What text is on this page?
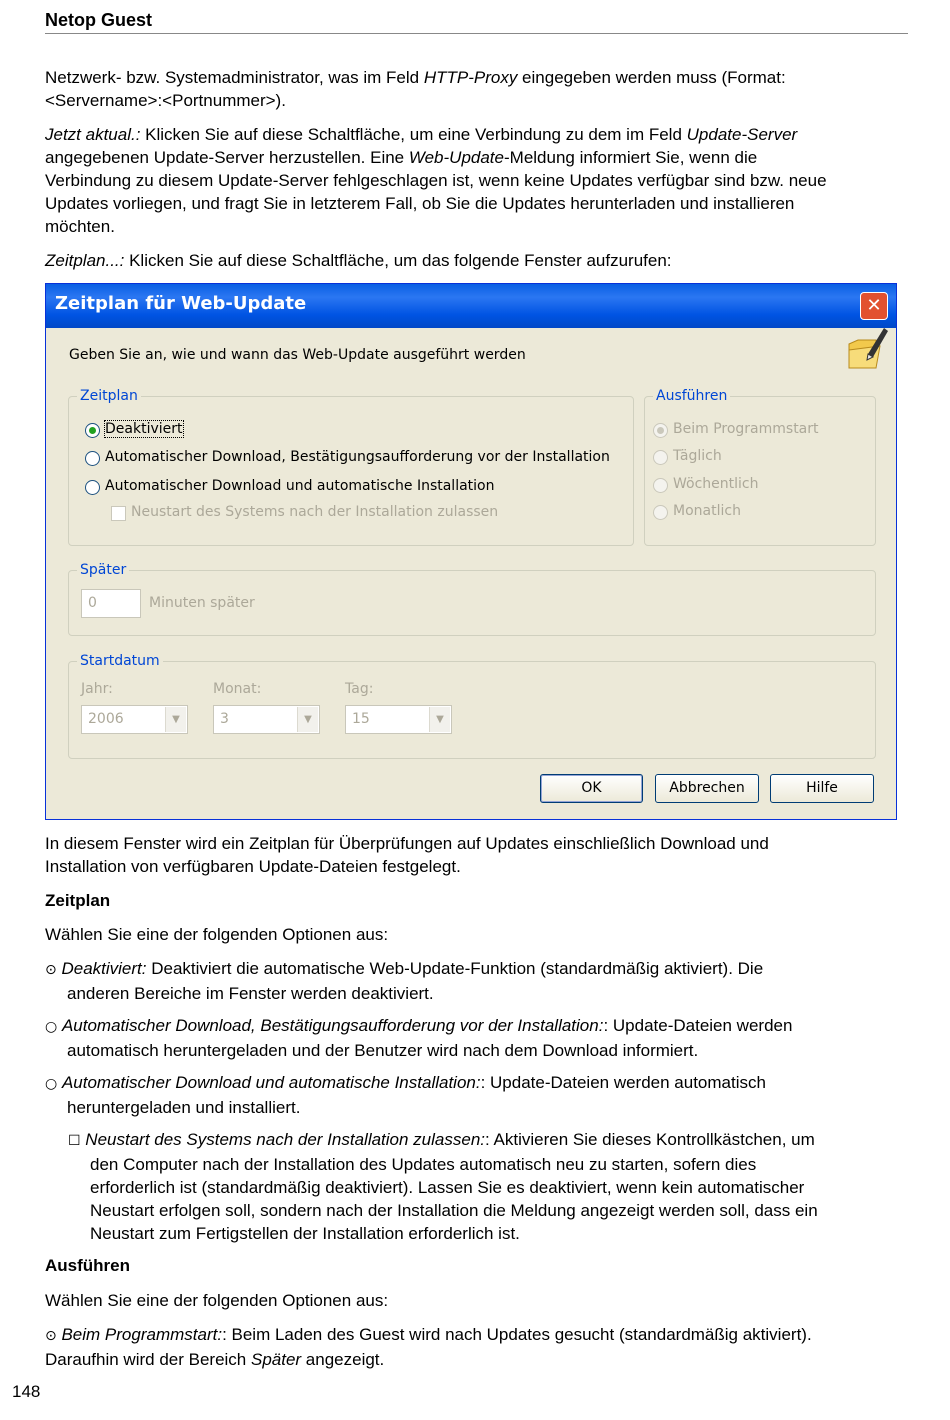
Netop Guest
Netzwerk- bzw. Systemadministrator, was im Feld HTTP-Proxy eingegeben werden muss (Format:
<Servername>:<Portnummer>).
Jetzt aktual.: Klicken Sie auf diese Schaltfläche, um eine Verbindung zu dem im Feld Update-Server
angegebenen Update-Server herzustellen. Eine Web-Update-Meldung informiert Sie, wenn die
Verbindung zu diesem Update-Server fehlgeschlagen ist, wenn keine Updates verfügbar sind bzw. neue
Updates vorliegen, und fragt Sie in letzterem Fall, ob Sie die Updates herunterladen und installieren
möchten.
Zeitplan...: Klicken Sie auf diese Schaltfläche, um das folgende Fenster aufzurufen:
Zeitplan für Web-Update	✕
Geben Sie an, wie und wann das Web-Update ausgeführt werden
Zeitplan
Deaktiviert
Automatischer Download, Bestätigungsaufforderung vor der Installation
Automatischer Download und automatische Installation
Neustart des Systems nach der Installation zulassen
Ausführen
Beim Programmstart
Täglich
Wöchentlich
Monatlich
Später
0	Minuten später
Startdatum
Jahr:
2006	▼
Monat:
3	▼
Tag:
15	▼
OK	Abbrechen	Hilfe
In diesem Fenster wird ein Zeitplan für Überprüfungen auf Updates einschließlich Download und
Installation von verfügbaren Update-Dateien festgelegt.
Zeitplan
Wählen Sie eine der folgenden Optionen aus:
⊙ Deaktiviert: Deaktiviert die automatische Web-Update-Funktion (standardmäßig aktiviert). Die
anderen Bereiche im Fenster werden deaktiviert.
○ Automatischer Download, Bestätigungsaufforderung vor der Installation:: Update-Dateien werden
automatisch heruntergeladen und der Benutzer wird nach dem Download informiert.
○ Automatischer Download und automatische Installation:: Update-Dateien werden automatisch
heruntergeladen und installiert.
☐ Neustart des Systems nach der Installation zulassen:: Aktivieren Sie dieses Kontrollkästchen, um
den Computer nach der Installation des Updates automatisch neu zu starten, sofern dies
erforderlich ist (standardmäßig deaktiviert). Lassen Sie es deaktiviert, wenn kein automatischer
Neustart erfolgen soll, sondern nach der Installation die Meldung angezeigt werden soll, dass ein
Neustart zum Fertigstellen der Installation erforderlich ist.
Ausführen
Wählen Sie eine der folgenden Optionen aus:
⊙ Beim Programmstart:: Beim Laden des Guest wird nach Updates gesucht (standardmäßig aktiviert).
Daraufhin wird der Bereich Später angezeigt.
148
